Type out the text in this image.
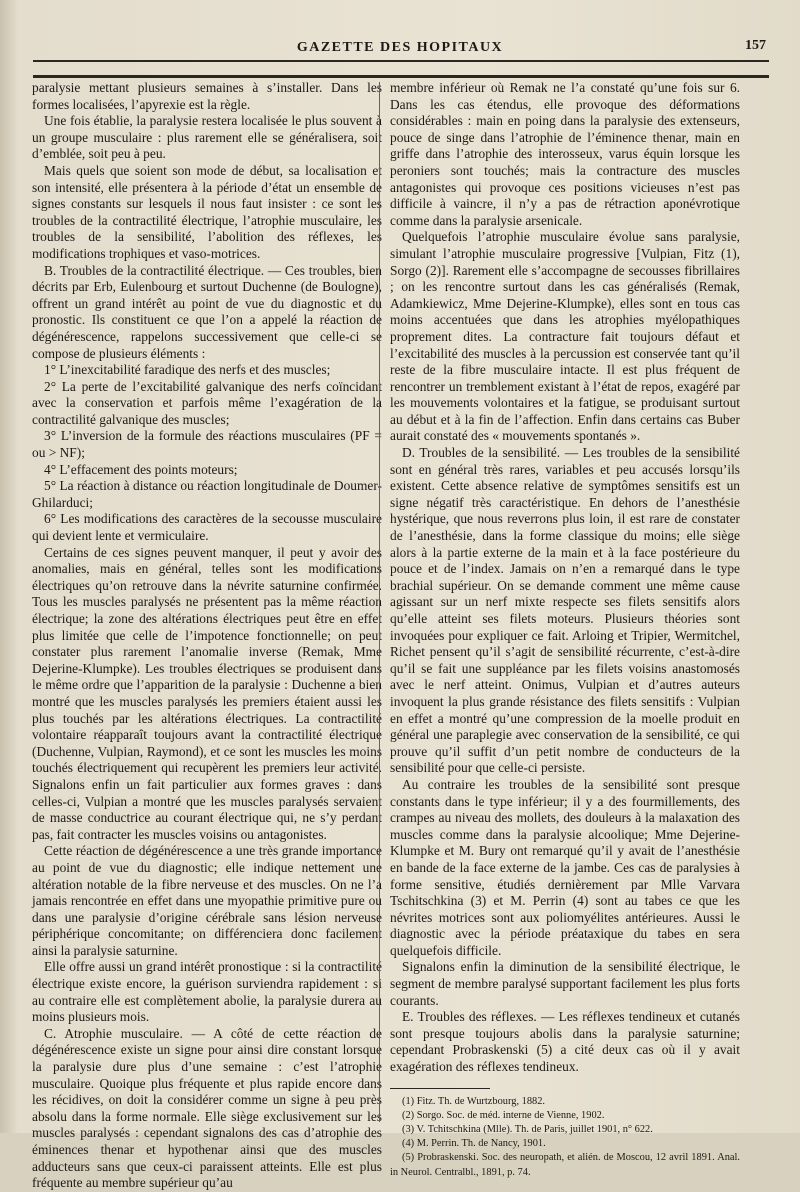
GAZETTE DES HOPITAUX	157

paralysie mettant plusieurs semaines à s’installer. Dans les formes localisées, l’apyrexie est la règle.

Une fois établie, la paralysie restera localisée le plus souvent à un groupe musculaire : plus rarement elle se généralisera, soit d’emblée, soit peu à peu.

Mais quels que soient son mode de début, sa localisation et son intensité, elle présentera à la période d’état un ensemble de signes constants sur lesquels il nous faut insister : ce sont les troubles de la contractilité électrique, l’atrophie musculaire, les troubles de la sensibilité, l’abolition des réflexes, les modifications trophiques et vaso-motrices.

B. Troubles de la contractilité électrique. — Ces troubles, bien décrits par Erb, Eulenbourg et surtout Duchenne (de Boulogne), offrent un grand intérêt au point de vue du diagnostic et du pronostic. Ils constituent ce que l’on a appelé la réaction de dégénérescence, rappelons successivement que celle-ci se compose de plusieurs éléments :

1° L’inexcitabilité faradique des nerfs et des muscles;

2° La perte de l’excitabilité galvanique des nerfs coïncidant avec la conservation et parfois même l’exagération de la contractilité galvanique des muscles;

3° L’inversion de la formule des réactions musculaires (PF = ou > NF);

4° L’effacement des points moteurs;

5° La réaction à distance ou réaction longitudinale de Doumer-Ghilarduci;

6° Les modifications des caractères de la secousse musculaire qui devient lente et vermiculaire.

Certains de ces signes peuvent manquer, il peut y avoir des anomalies, mais en général, telles sont les modifications électriques qu’on retrouve dans la névrite saturnine confirmée. Tous les muscles paralysés ne présentent pas la même réaction électrique; la zone des altérations électriques peut être en effet plus limitée que celle de l’impotence fonctionnelle; on peut constater plus rarement l’anomalie inverse (Remak, Mme Dejerine-Klumpke). Les troubles électriques se produisent dans le même ordre que l’apparition de la paralysie : Duchenne a bien montré que les muscles paralysés les premiers étaient aussi les plus touchés par les altérations électriques. La contractilité volontaire réapparaît toujours avant la contractilité électrique (Duchenne, Vulpian, Raymond), et ce sont les muscles les moins touchés électriquement qui recupèrent les premiers leur activité. Signalons enfin un fait particulier aux formes graves : dans celles-ci, Vulpian a montré que les muscles paralysés servaient de masse conductrice au courant électrique qui, ne s’y perdant pas, fait contracter les muscles voisins ou antagonistes.

Cette réaction de dégénérescence a une très grande importance au point de vue du diagnostic; elle indique nettement une altération notable de la fibre nerveuse et des muscles. On ne l’a jamais rencontrée en effet dans une myopathie primitive pure ou dans une paralysie d’origine cérébrale sans lésion nerveuse périphérique concomitante; on différenciera donc facilement ainsi la paralysie saturnine.

Elle offre aussi un grand intérêt pronostique : si la contractilité électrique existe encore, la guérison surviendra rapidement : si au contraire elle est complètement abolie, la paralysie durera au moins plusieurs mois.

C. Atrophie musculaire. — A côté de cette réaction de dégénérescence existe un signe pour ainsi dire constant lorsque la paralysie dure plus d’une semaine : c’est l’atrophie musculaire. Quoique plus fréquente et plus rapide encore dans les récidives, on doit la considérer comme un signe à peu près absolu dans la forme normale. Elle siège exclusivement sur les muscles paralysés : cependant signalons des cas d’atrophie des éminences thenar et hypothenar ainsi que des muscles adducteurs sans que ceux-ci paraissent atteints. Elle est plus fréquente au membre supérieur qu’au

membre inférieur où Remak ne l’a constaté qu’une fois sur 6. Dans les cas étendus, elle provoque des déformations considérables : main en poing dans la paralysie des extenseurs, pouce de singe dans l’atrophie de l’éminence thenar, main en griffe dans l’atrophie des interosseux, varus équin lorsque les peroniers sont touchés; mais la contracture des muscles antagonistes qui provoque ces positions vicieuses n’est pas difficile à vaincre, il n’y a pas de rétraction aponévrotique comme dans la paralysie arsenicale.

Quelquefois l’atrophie musculaire évolue sans paralysie, simulant l’atrophie musculaire progressive [Vulpian, Fitz (1), Sorgo (2)]. Rarement elle s’accompagne de secousses fibrillaires ; on les rencontre surtout dans les cas généralisés (Remak, Adamkiewicz, Mme Dejerine-Klumpke), elles sont en tous cas moins accentuées que dans les atrophies myélopathiques proprement dites. La contracture fait toujours défaut et l’excitabilité des muscles à la percussion est conservée tant qu’il reste de la fibre musculaire intacte. Il est plus fréquent de rencontrer un tremblement existant à l’état de repos, exagéré par les mouvements volontaires et la fatigue, se produisant surtout au début et à la fin de l’affection. Enfin dans certains cas Buber aurait constaté des « mouvements spontanés ».

D. Troubles de la sensibilité. — Les troubles de la sensibilité sont en général très rares, variables et peu accusés lorsqu’ils existent. Cette absence relative de symptômes sensitifs est un signe négatif très caractéristique. En dehors de l’anesthésie hystérique, que nous reverrons plus loin, il est rare de constater de l’anesthésie, dans la forme classique du moins; elle siège alors à la partie externe de la main et à la face postérieure du pouce et de l’index. Jamais on n’en a remarqué dans le type brachial supérieur. On se demande comment une même cause agissant sur un nerf mixte respecte ses filets sensitifs alors qu’elle atteint ses filets moteurs. Plusieurs théories sont invoquées pour expliquer ce fait. Arloing et Tripier, Wermitchel, Richet pensent qu’il s’agit de sensibilité récurrente, c’est-à-dire qu’il se fait une suppléance par les filets voisins anastomosés avec le nerf atteint. Onimus, Vulpian et d’autres auteurs invoquent la plus grande résistance des filets sensitifs : Vulpian en effet a montré qu’une compression de la moelle produit en général une paraplegie avec conservation de la sensibilité, ce qui prouve qu’il suffit d’un petit nombre de conducteurs de la sensibilité pour que celle-ci persiste.

Au contraire les troubles de la sensibilité sont presque constants dans le type inférieur; il y a des fourmillements, des crampes au niveau des mollets, des douleurs à la malaxation des muscles comme dans la paralysie alcoolique; Mme Dejerine-Klumpke et M. Bury ont remarqué qu’il y avait de l’anesthésie en bande de la face externe de la jambe. Ces cas de paralysies à forme sensitive, étudiés dernièrement par Mlle Varvara Tschitschkina (3) et M. Perrin (4) sont au tabes ce que les névrites motrices sont aux poliomyélites antérieures. Aussi le diagnostic avec la période préataxique du tabes en sera quelquefois difficile.

Signalons enfin la diminution de la sensibilité électrique, le segment de membre paralysé supportant facilement les plus forts courants.

E. Troubles des réflexes. — Les réflexes tendineux et cutanés sont presque toujours abolis dans la paralysie saturnine; cependant Probraskenski (5) a cité deux cas où il y avait exagération des réflexes tendineux.

(1) Fitz. Th. de Wurtzbourg, 1882.

(2) Sorgo. Soc. de méd. interne de Vienne, 1902.

(3) V. Tchitschkina (Mlle). Th. de Paris, juillet 1901, n° 622.

(4) M. Perrin. Th. de Nancy, 1901.

(5) Probraskenski. Soc. des neuropath, et alién. de Moscou, 12 avril 1891. Anal. in Neurol. Centralbl., 1891, p. 74.
